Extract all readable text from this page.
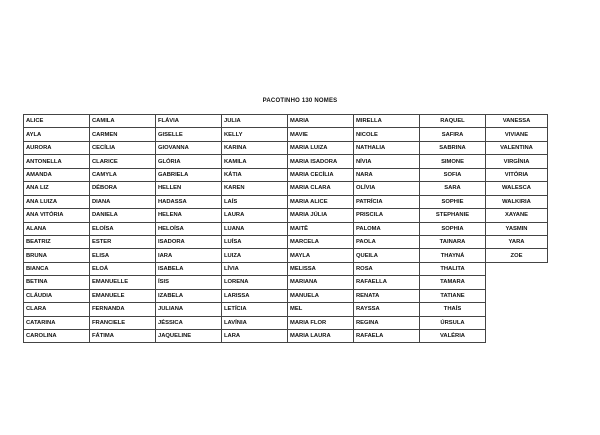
PACOTINHO 130 NOMES
ALICE	CAMILA	FLÁVIA	JULIA	MARIA	MIRELLA	RAQUEL	VANESSA
AYLA	CARMEN	GISELLE	KELLY	MAVIE	NICOLE	SAFIRA	VIVIANE
AURORA	CECÍLIA	GIOVANNA	KARINA	MARIA LUIZA	NATHALIA	SABRINA	VALENTINA
ANTONELLA	CLARICE	GLÓRIA	KAMILA	MARIA ISADORA	NÍVIA	SIMONE	VIRGÍNIA
AMANDA	CAMYLA	GABRIELA	KÁTIA	MARIA CECÍLIA	NARA	SOFIA	VITÓRIA
ANA LIZ	DÉBORA	HELLEN	KAREN	MARIA CLARA	OLÍVIA	SARA	WALESCA
ANA LUIZA	DIANA	HADASSA	LAÍS	MARIA ALICE	PATRÍCIA	SOPHIE	WALKIRIA
ANA VITÓRIA	DANIELA	HELENA	LAURA	MARIA JÚLIA	PRISCILA	STEPHANIE	XAYANE
ALANA	ELOÍSA	HELOÍSA	LUANA	MAITÊ	PALOMA	SOPHIA	YASMIN
BEATRIZ	ESTER	ISADORA	LUÍSA	MARCELA	PAOLA	TAINARA	YARA
BRUNA	ELISA	IARA	LUIZA	MAYLA	QUEILA	THAYNÁ	ZOE
BIANCA	ELOÁ	ISABELA	LÍVIA	MELISSA	ROSA	THALITA	
BETINA	EMANUELLE	ÍSIS	LORENA	MARIANA	RAFAELLA	TAMARA	
CLÁUDIA	EMANUELE	IZABELA	LARISSA	MANUELA	RENATA	TATIANE	
CLARA	FERNANDA	JULIANA	LETÍCIA	MEL	RAYSSA	THAÍS	
CATARINA	FRANCIELE	JÉSSICA	LAVÍNIA	MARIA FLOR	REGINA	ÚRSULA	
CAROLINA	FÁTIMA	JAQUELINE	LARA	MARIA LAURA	RAFAELA	VALÉRIA	
